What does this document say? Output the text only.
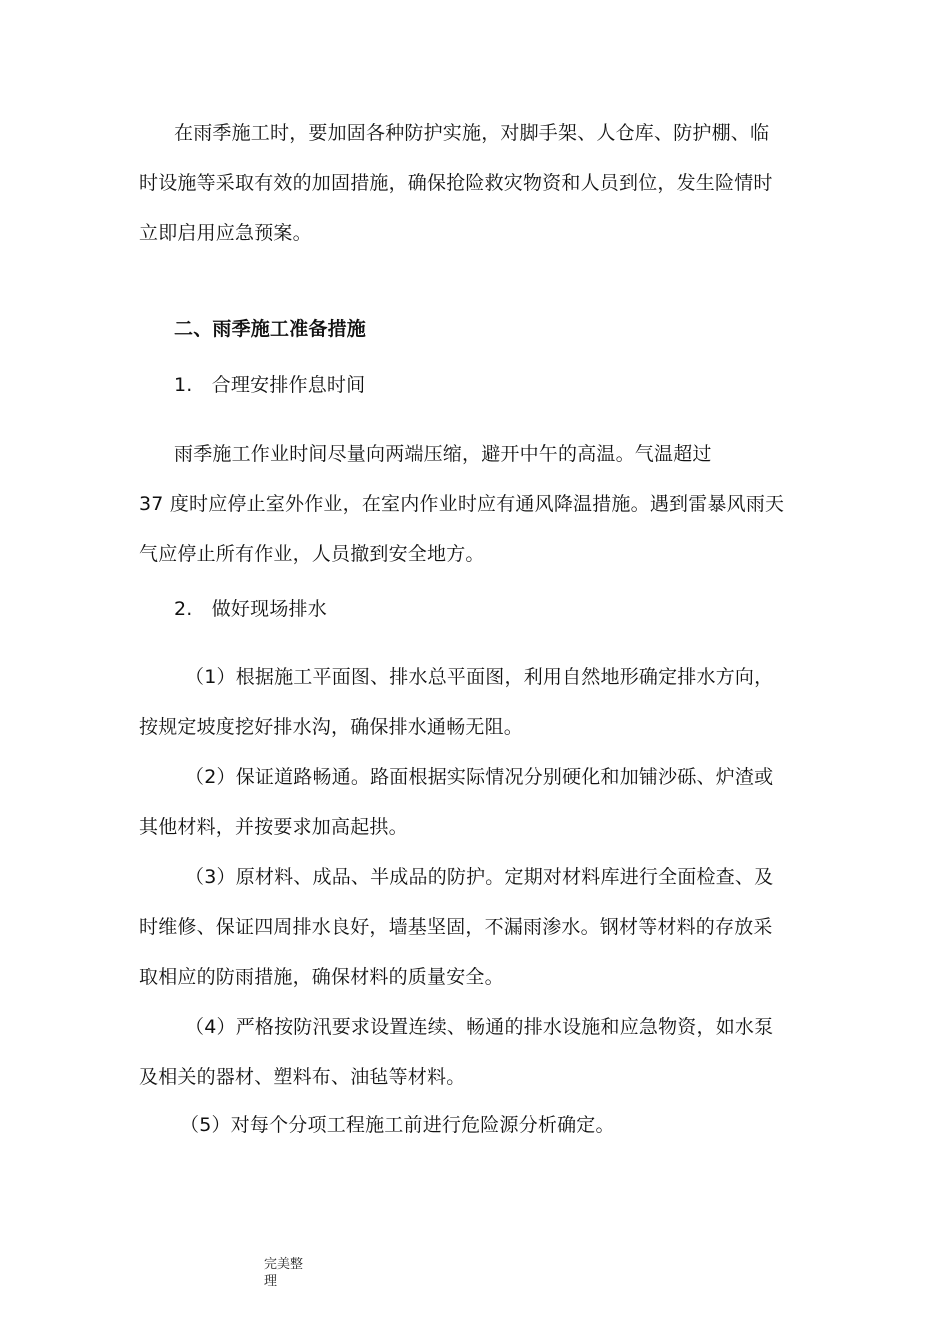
在雨季施工时，要加固各种防护实施，对脚手架、人仓库、防护棚、临
时设施等采取有效的加固措施，确保抢险救灾物资和人员到位，发生险情时
立即启用应急预案。
二、雨季施工准备措施
1.　合理安排作息时间
雨季施工作业时间尽量向两端压缩，避开中午的高温。气温超过
37 度时应停止室外作业，在室内作业时应有通风降温措施。遇到雷暴风雨天
气应停止所有作业，人员撤到安全地方。
2.　做好现场排水
（1）根据施工平面图、排水总平面图，利用自然地形确定排水方向，
按规定坡度挖好排水沟，确保排水通畅无阻。
（2）保证道路畅通。路面根据实际情况分别硬化和加铺沙砾、炉渣或
其他材料，并按要求加高起拱。
（3）原材料、成品、半成品的防护。定期对材料库进行全面检查、及
时维修、保证四周排水良好，墙基坚固，不漏雨渗水。钢材等材料的存放采
取相应的防雨措施，确保材料的质量安全。
（4）严格按防汛要求设置连续、畅通的排水设施和应急物资，如水泵
及相关的器材、塑料布、油毡等材料。
（5）对每个分项工程施工前进行危险源分析确定。
完美整
理
